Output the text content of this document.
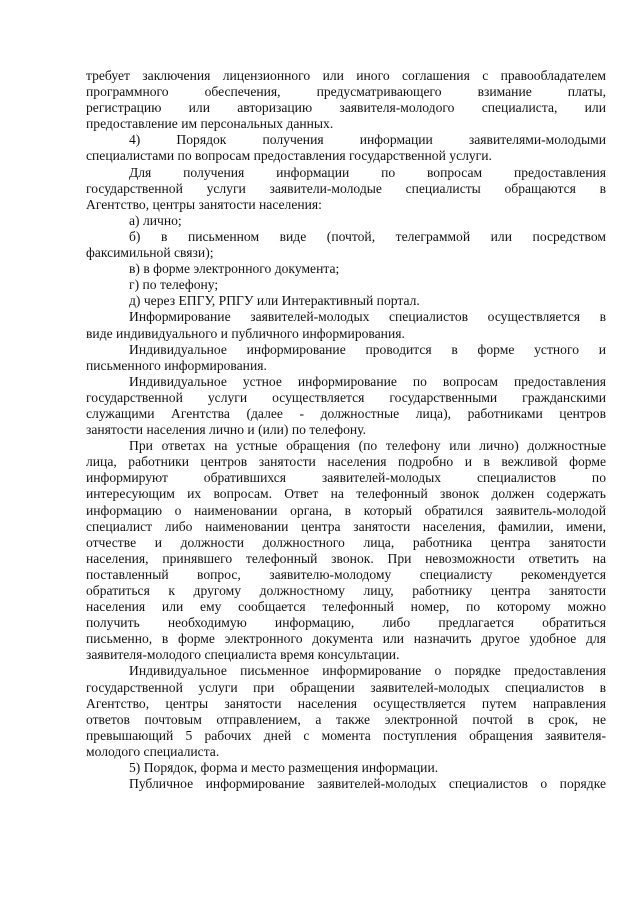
требует заключения лицензионного или иного соглашения с правообладателем
программного обеспечения, предусматривающего взимание платы,
регистрацию или авторизацию заявителя-молодого специалиста, или
предоставление им персональных данных.
4) Порядок получения информации заявителями-молодыми
специалистами по вопросам предоставления государственной услуги.
Для получения информации по вопросам предоставления
государственной услуги заявители-молодые специалисты обращаются в
Агентство, центры занятости населения:
а) лично;
б) в письменном виде (почтой, телеграммой или посредством
факсимильной связи);
в) в форме электронного документа;
г) по телефону;
д) через ЕПГУ, РПГУ или Интерактивный портал.
Информирование заявителей-молодых специалистов осуществляется в
виде индивидуального и публичного информирования.
Индивидуальное информирование проводится в форме устного и
письменного информирования.
Индивидуальное устное информирование по вопросам предоставления
государственной услуги осуществляется государственными гражданскими
служащими Агентства (далее - должностные лица), работниками центров
занятости населения лично и (или) по телефону.
При ответах на устные обращения (по телефону или лично) должностные
лица, работники центров занятости населения подробно и в вежливой форме
информируют обратившихся заявителей-молодых специалистов по
интересующим их вопросам. Ответ на телефонный звонок должен содержать
информацию о наименовании органа, в который обратился заявитель-молодой
специалист либо наименовании центра занятости населения, фамилии, имени,
отчестве и должности должностного лица, работника центра занятости
населения, принявшего телефонный звонок. При невозможности ответить на
поставленный вопрос, заявителю-молодому специалисту рекомендуется
обратиться к другому должностному лицу, работнику центра занятости
населения или ему сообщается телефонный номер, по которому можно
получить необходимую информацию, либо предлагается обратиться
письменно, в форме электронного документа или назначить другое удобное для
заявителя-молодого специалиста время консультации.
Индивидуальное письменное информирование о порядке предоставления
государственной услуги при обращении заявителей-молодых специалистов в
Агентство, центры занятости населения осуществляется путем направления
ответов почтовым отправлением, а также электронной почтой в срок, не
превышающий 5 рабочих дней с момента поступления обращения заявителя-
молодого специалиста.
5) Порядок, форма и место размещения информации.
Публичное информирование заявителей-молодых специалистов о порядке
